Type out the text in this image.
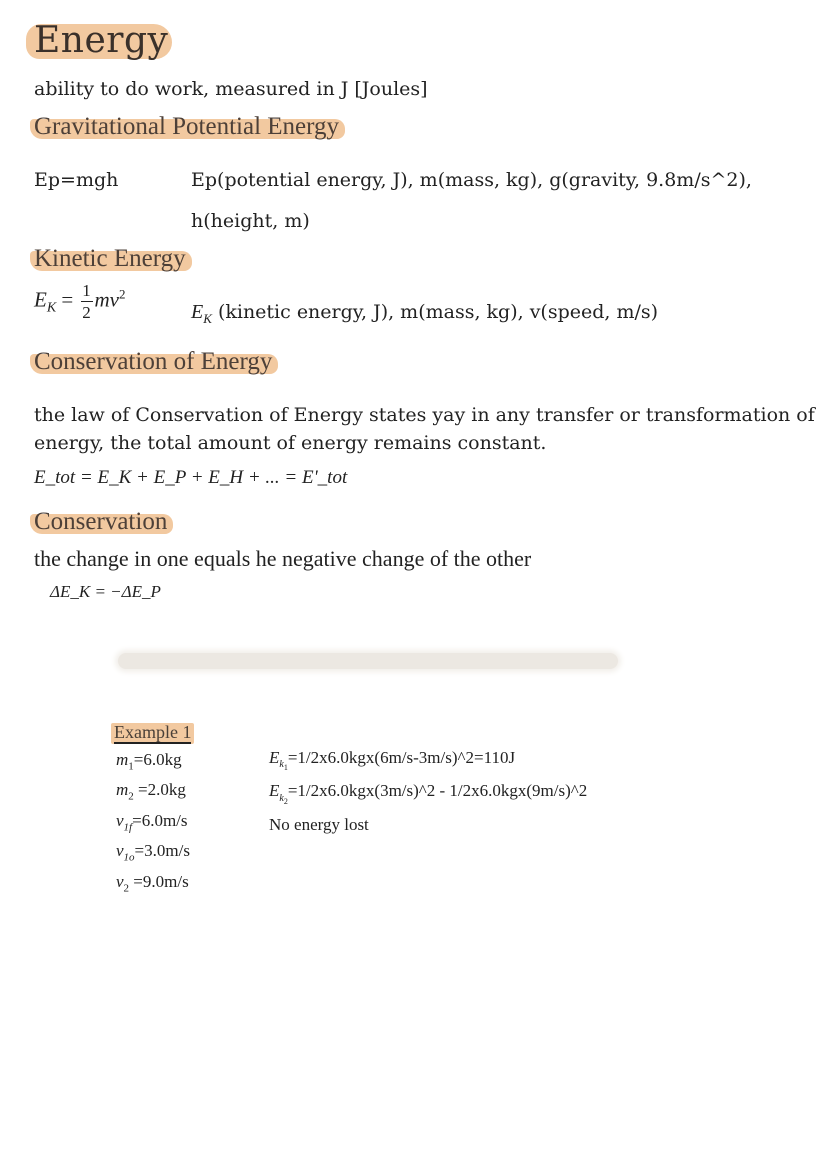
Energy
ability to do work, measured in J [Joules]
Gravitational Potential Energy
Ep=mgh	Ep(potential energy, J), m(mass, kg), g(gravity, 9.8m/s^2),
h(height, m)
Kinetic Energy
$E_K = \frac{1}{2} mv^2$
$E_K$ (kinetic energy, J), m(mass, kg), v(speed, m/s)
Conservation of Energy
the law of Conservation of Energy states yay in any transfer or transformation of
energy, the total amount of energy remains constant.
E_tot = E_K + E_P + E_H + ... = E'_tot
Conservation
the change in one equals he negative change of the other
ΔE_K = −ΔE_P
Example 1
$m_1=6.0kg$
$m_2 =2.0kg$
$v_{1f}=6.0m/s$
$v_{1o}=3.0m/s$
$v_2 =9.0m/s$
$E_{k_1}=1/2x6.0kgx(6m/s-3m/s)\^{}2=110J$
$E_{k_2}=1/2x6.0kgx(3m/s)\^{}2$ - 1/2x6.0kgx(9m/s)^2
No energy lost
